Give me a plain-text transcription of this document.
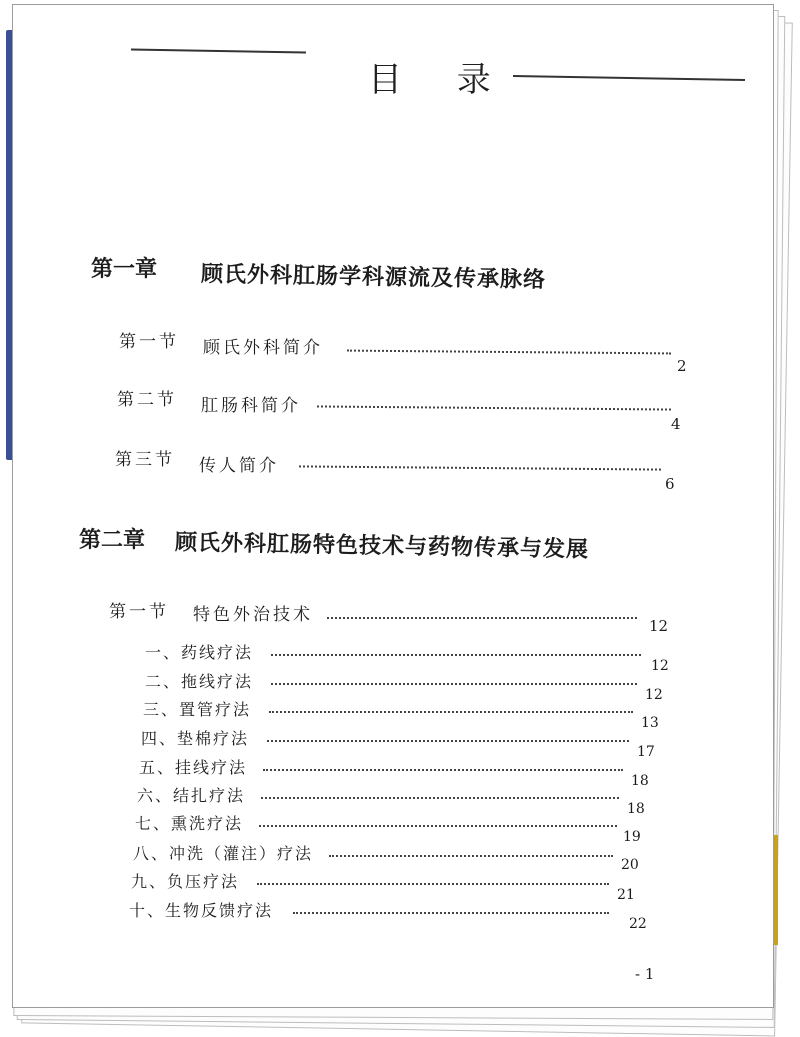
目 录
第一章 顾氏外科肛肠学科源流及传承脉络
第一节 顾氏外科简介
2
第二节 肛肠科简介
4
第三节 传人简介
6
第二章 顾氏外科肛肠特色技术与药物传承与发展
第一节 特色外治技术
12
一、药线疗法
12
二、拖线疗法
12
三、置管疗法
13
四、垫棉疗法
17
五、挂线疗法
18
六、结扎疗法
18
七、熏洗疗法
19
八、冲洗（灌注）疗法
20
九、负压疗法
21
十、生物反馈疗法
22
- 1
